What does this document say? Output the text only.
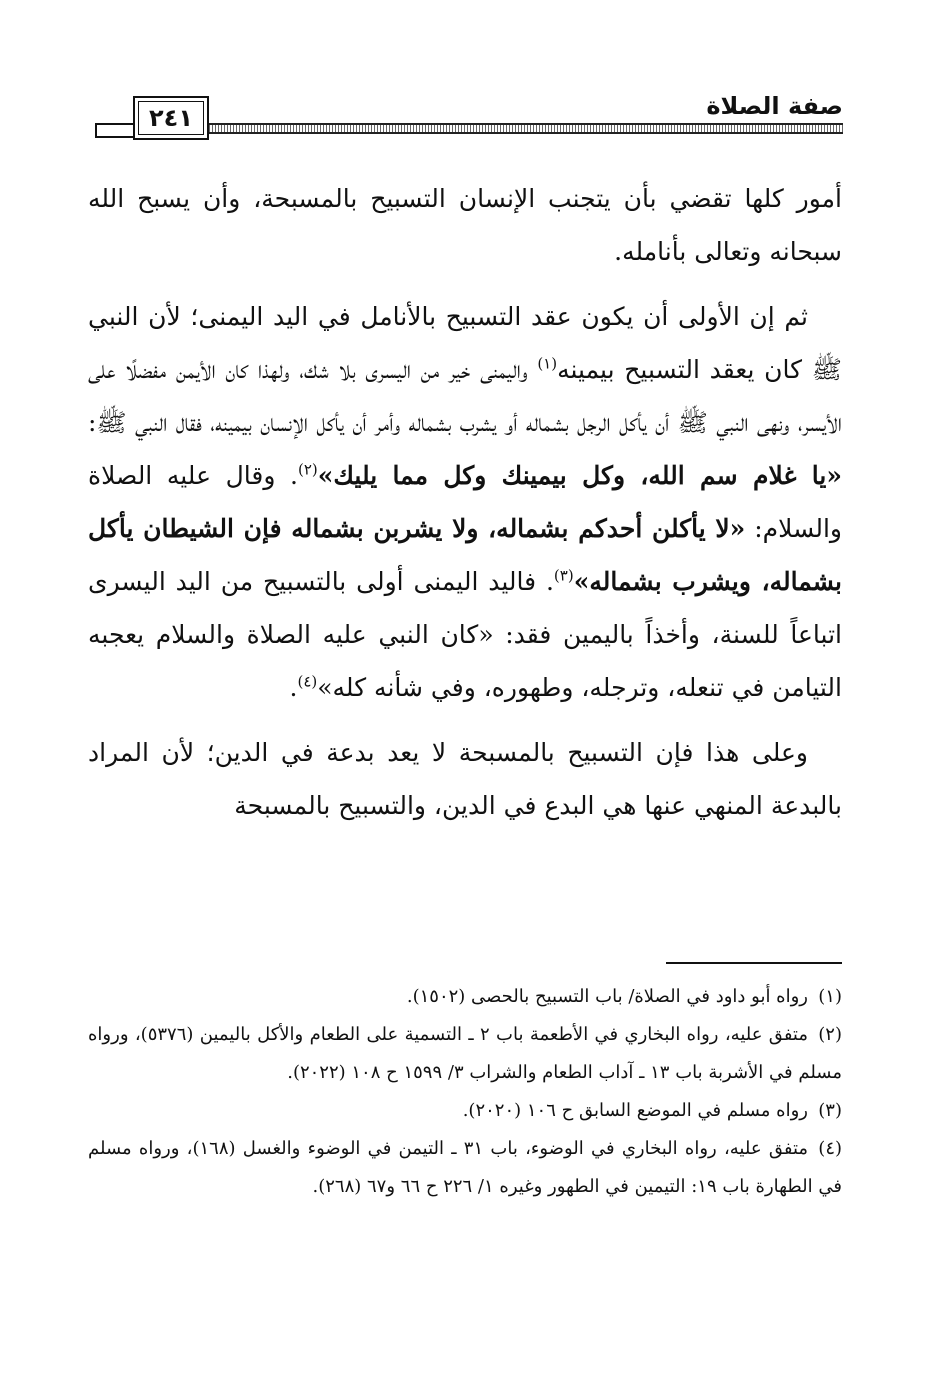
٢٤١	صفة الصلاة

أمور كلها تقضي بأن يتجنب الإنسان التسبيح بالمسبحة، وأن يسبح الله سبحانه وتعالى بأنامله.

ثم إن الأولى أن يكون عقد التسبيح بالأنامل في اليد اليمنى؛ لأن النبي ﷺ كان يعقد التسبيح بيمينه$^{(١)}$ واليمنى خير من اليسرى بلا شك، ولهذا كان الأيمن مفضلًا على الأيسر، ونهى النبي ﷺ أن يأكل الرجل بشماله أو يشرب بشماله وأمر أن يأكل الإنسان بيمينه، فقال النبي ﷺ: «يا غلام سم الله، وكل بيمينك وكل مما يليك»$^{(٢)}$. وقال عليه الصلاة والسلام: «لا يأكلن أحدكم بشماله، ولا يشربن بشماله فإن الشيطان يأكل بشماله، ويشرب بشماله»$^{(٣)}$. فاليد اليمنى أولى بالتسبيح من اليد اليسرى اتباعاً للسنة، وأخذاً باليمين فقد: «كان النبي عليه الصلاة والسلام يعجبه التيامن في تنعله، وترجله، وطهوره، وفي شأنه كله»$^{(٤)}$.

وعلى هذا فإن التسبيح بالمسبحة لا يعد بدعة في الدين؛ لأن المراد بالبدعة المنهي عنها هي البدع في الدين، والتسبيح بالمسبحة

(١)رواه أبو داود في الصلاة/ باب التسبيح بالحصى (١٥٠٢).
(٢)متفق عليه، رواه البخاري في الأطعمة باب ٢ ـ التسمية على الطعام والأكل باليمين (٥٣٧٦)، ورواه مسلم في الأشربة باب ١٣ ـ آداب الطعام والشراب ٣/ ١٥٩٩ ح ١٠٨ (٢٠٢٢).
(٣)رواه مسلم في الموضع السابق ح ١٠٦ (٢٠٢٠).
(٤)متفق عليه، رواه البخاري في الوضوء، باب ٣١ ـ التيمن في الوضوء والغسل (١٦٨)، ورواه مسلم في الطهارة باب ١٩: التيمين في الطهور وغيره ١/ ٢٢٦ ح ٦٦ و٦٧ (٢٦٨).
